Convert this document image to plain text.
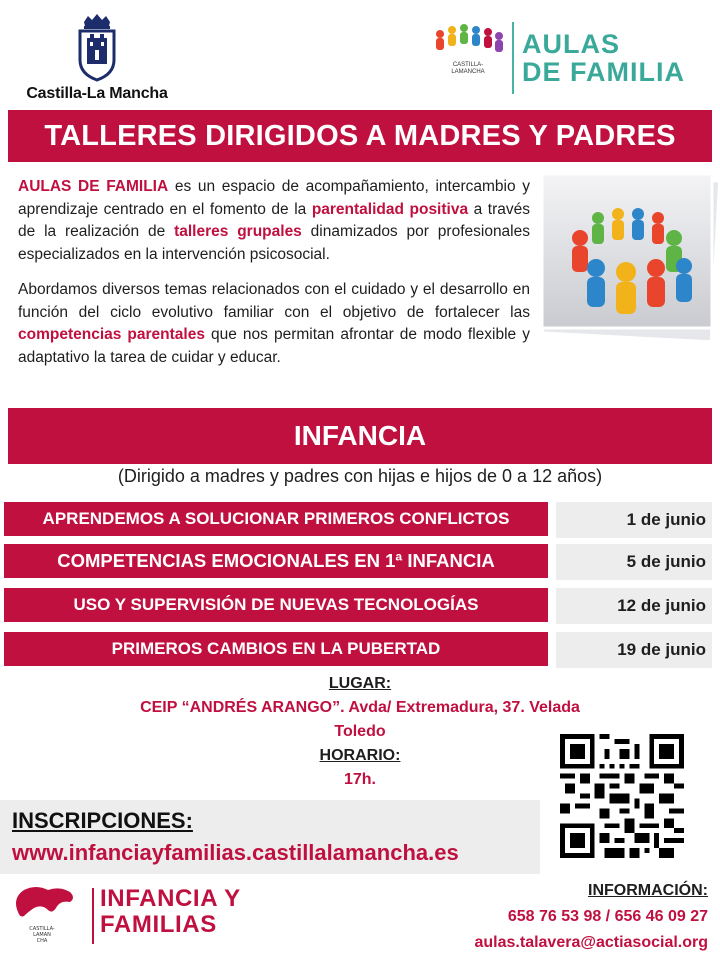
Castilla-La Mancha
CASTILLA-LAMANCHA
AULAS
DE FAMILIA
TALLERES DIRIGIDOS A MADRES Y PADRES

AULAS DE FAMILIA es un espacio de acompañamiento, intercambio y aprendizaje centrado en el fomento de la parentalidad positiva a través de la realización de talleres grupales dinamizados por profesionales especializados en la intervención psicosocial.

Abordamos diversos temas relacionados con el cuidado y el desarrollo en función del ciclo evolutivo familiar con el objetivo de fortalecer las competencias parentales que nos permitan afrontar de modo flexible y adaptativo la tarea de cuidar y educar.

INFANCIA
(Dirigido a madres y padres con hijas e hijos de 0 a 12 años)
APRENDEMOS A SOLUCIONAR PRIMEROS CONFLICTOS	1 de junio
COMPETENCIAS EMOCIONALES EN 1ª INFANCIA	5 de junio
USO Y SUPERVISIÓN DE NUEVAS TECNOLOGÍAS	12 de junio
PRIMEROS CAMBIOS EN LA PUBERTAD	19 de junio
LUGAR:
CEIP “ANDRÉS ARANGO”. Avda/ Extremadura, 37. Velada
Toledo
HORARIO:
17h.
INSCRIPCIONES:
www.infanciayfamilias.castillalamancha.es
CASTILLA-
LAMAN
CHA
INFANCIA Y
FAMILIAS
INFORMACIÓN:
658 76 53 98 / 656 46 09 27
aulas.talavera@actiasocial.org
